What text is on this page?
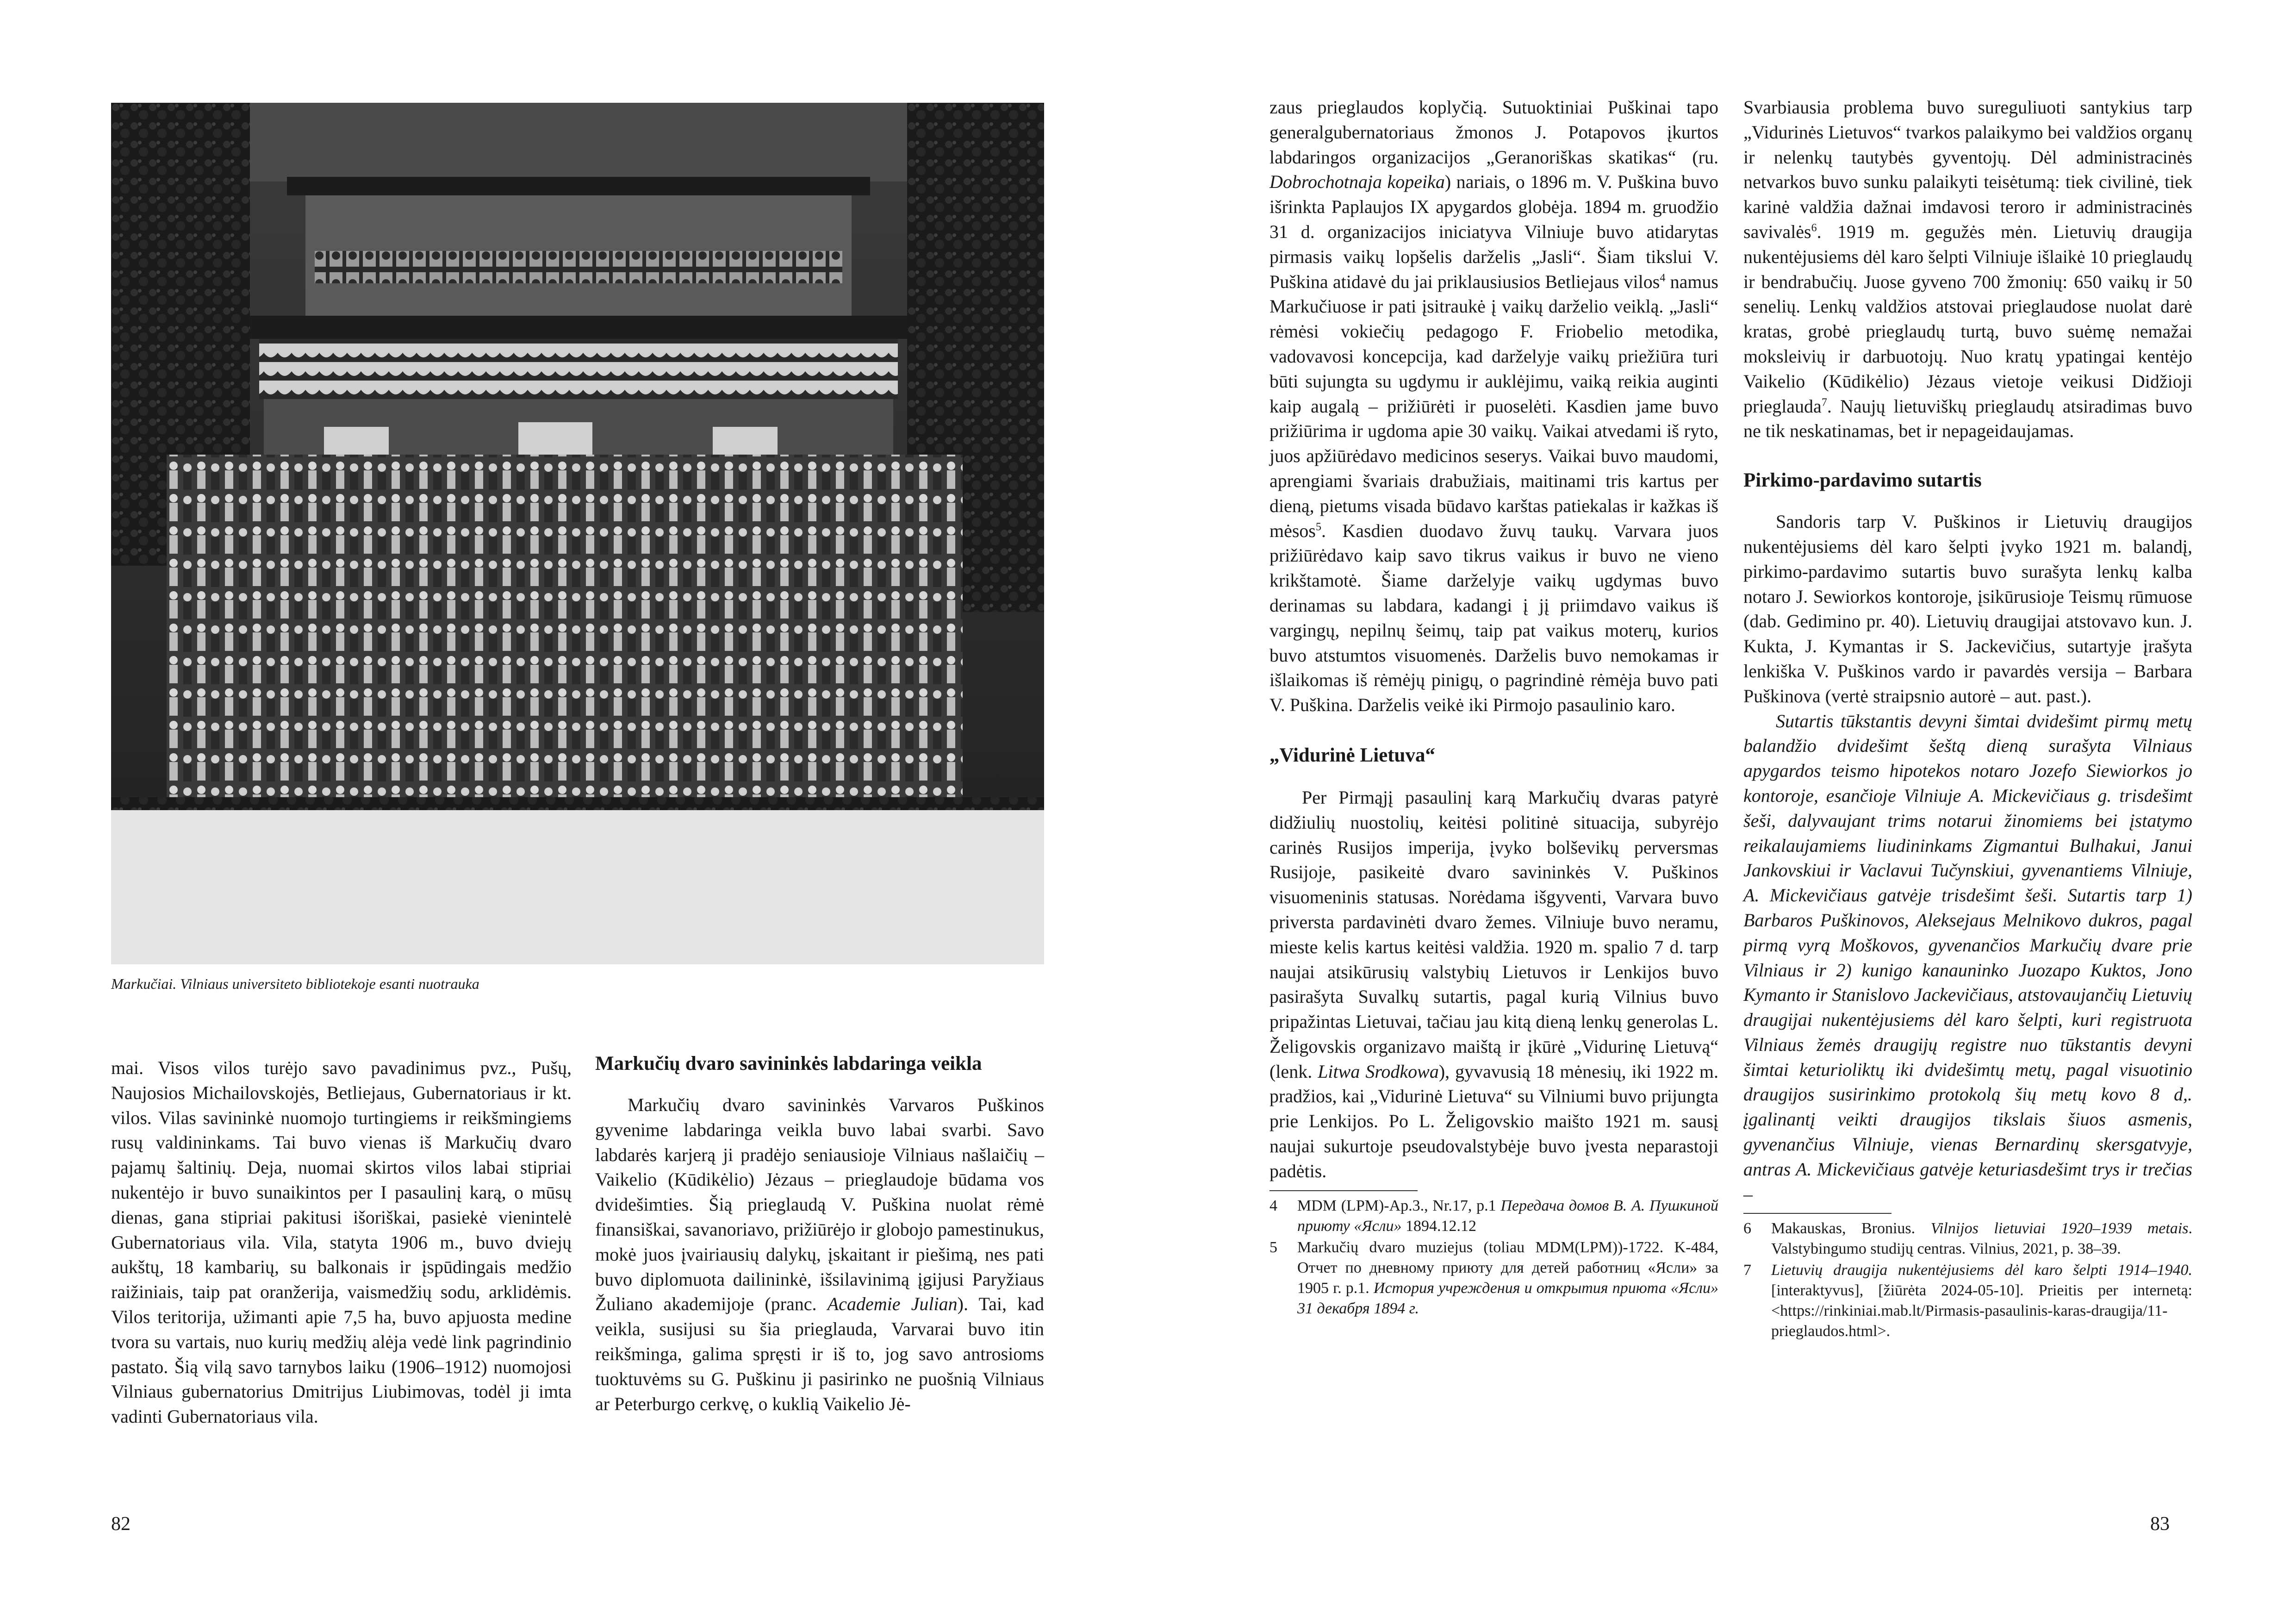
Markučiai. Vilniaus universiteto bibliotekoje esanti nuotrauka

mai. Visos vilos turėjo savo pavadinimus pvz., Pušų, Naujosios Michailovskojės, Betliejaus, Gubernatoriaus ir kt. vilos. Vilas savininkė nuomojo turtingiems ir reikšmingiems rusų valdininkams. Tai buvo vienas iš Markučių dvaro pajamų šaltinių. Deja, nuomai skirtos vilos labai stipriai nukentėjo ir buvo sunaikintos per I pasaulinį karą, o mūsų dienas, gana stipriai pakitusi išoriškai, pasiekė vienintelė Gubernatoriaus vila. Vila, statyta 1906 m., buvo dviejų aukštų, 18 kambarių, su balkonais ir įspūdingais medžio raižiniais, taip pat oranžerija, vaismedžių sodu, arklidėmis. Vilos teritorija, užimanti apie 7,5 ha, buvo apjuosta medine tvora su vartais, nuo kurių medžių alėja vedė link pagrindinio pastato. Šią vilą savo tarnybos laiku (1906–1912) nuomojosi Vilniaus gubernatorius Dmitrijus Liubimovas, todėl ji imta vadinti Gubernatoriaus vila.

Markučių dvaro savininkės labdaringa veikla

Markučių dvaro savininkės Varvaros Puškinos gyvenime labdaringa veikla buvo labai svarbi. Savo labdarės karjerą ji pradėjo seniausioje Vilniaus našlaičių – Vaikelio (Kūdikėlio) Jėzaus – prieglaudoje būdama vos dvidešimties. Šią prieglaudą V. Puškina nuolat rėmė finansiškai, savanoriavo, prižiūrėjo ir globojo pamestinukus, mokė juos įvairiausių dalykų, įskaitant ir piešimą, nes pati buvo diplomuota dailininkė, išsilavinimą įgijusi Paryžiaus Žuliano akademijoje (pranc. Academie Julian). Tai, kad veikla, susijusi su šia prieglauda, Varvarai buvo itin reikšminga, galima spręsti ir iš to, jog savo antrosioms tuoktuvėms su G. Puškinu ji pasirinko ne puošnią Vilniaus ar Peterburgo cerkvę, o kuklią Vaikelio Jė-

82

zaus prieglaudos koplyčią. Sutuoktiniai Puškinai tapo generalgubernatoriaus žmonos J. Potapovos įkurtos labdaringos organizacijos „Geranoriškas skatikas“ (ru. Dobrochotnaja kopeika) nariais, o 1896 m. V. Puškina buvo išrinkta Paplaujos IX apygardos globėja. 1894 m. gruodžio 31 d. organizacijos iniciatyva Vilniuje buvo atidarytas pirmasis vaikų lopšelis darželis „Jasli“. Šiam tikslui V. Puškina atidavė du jai priklausiusios Betliejaus vilos$^4$ namus Markučiuose ir pati įsitraukė į vaikų darželio veiklą. „Jasli“ rėmėsi vokiečių pedagogo F. Friobelio metodika, vadovavosi koncepcija, kad darželyje vaikų priežiūra turi būti sujungta su ugdymu ir auklėjimu, vaiką reikia auginti kaip augalą – prižiūrėti ir puoselėti. Kasdien jame buvo prižiūrima ir ugdoma apie 30 vaikų. Vaikai atvedami iš ryto, juos apžiūrėdavo medicinos seserys. Vaikai buvo maudomi, aprengiami švariais drabužiais, maitinami tris kartus per dieną, pietums visada būdavo karštas patiekalas ir kažkas iš mėsos$^5$. Kasdien duodavo žuvų taukų. Varvara juos prižiūrėdavo kaip savo tikrus vaikus ir buvo ne vieno krikštamotė. Šiame darželyje vaikų ugdymas buvo derinamas su labdara, kadangi į jį priimdavo vaikus iš vargingų, nepilnų šeimų, taip pat vaikus moterų, kurios buvo atstumtos visuomenės. Darželis buvo nemokamas ir išlaikomas iš rėmėjų pinigų, o pagrindinė rėmėja buvo pati V. Puškina. Darželis veikė iki Pirmojo pasaulinio karo.

„Vidurinė Lietuva“

Per Pirmąjį pasaulinį karą Markučių dvaras patyrė didžiulių nuostolių, keitėsi politinė situacija, subyrėjo carinės Rusijos imperija, įvyko bolševikų perversmas Rusijoje, pasikeitė dvaro savininkės V. Puškinos visuomeninis statusas. Norėdama išgyventi, Varvara buvo priversta pardavinėti dvaro žemes. Vilniuje buvo neramu, miestе kelis kartus keitėsi valdžia. 1920 m. spalio 7 d. tarp naujai atsikūrusių valstybių Lietuvos ir Lenkijos buvo pasirašyta Suvalkų sutartis, pagal kurią Vilnius buvo pripažintas Lietuvai, tačiau jau kitą dieną lenkų generolas L. Želigovskis organizavo maištą ir įkūrė „Vidurinę Lietuvą“ (lenk. Litwa Srodkowa), gyvavusią 18 mėnesių, iki 1922 m. pradžios, kai „Vidurinė Lietuva“ su Vilniumi buvo prijungta prie Lenkijos. Po L. Želigovskio maišto 1921 m. sausį naujai sukurtoje pseudovalstybėje buvo įvesta neparastoji padėtis.

4	MDM (LPM)-Ap.3., Nr.17, p.1 Передача домов В. А. Пушкиной приюту «Ясли» 1894.12.12
5	Markučių dvaro muziejus (toliau MDM(LPM))-1722. K-484, Отчет по дневному приюту для детей работниц «Ясли» за 1905 г. р.1. История учреждения и открытия приюта «Ясли» 31 декабря 1894 г.

Svarbiausia problema buvo sureguliuoti santykius tarp „Vidurinės Lietuvos“ tvarkos palaikymo bei valdžios organų ir nelenkų tautybės gyventojų. Dėl administracinės netvarkos buvo sunku palaikyti teisėtumą: tiek civilinė, tiek karinė valdžia dažnai imdavosi teroro ir administracinės savivalės$^6$. 1919 m. gegužės mėn. Lietuvių draugija nukentėjusiems dėl karo šelpti Vilniuje išlaikė 10 prieglaudų ir bendrabučių. Juose gyveno 700 žmonių: 650 vaikų ir 50 senelių. Lenkų valdžios atstovai prieglaudose nuolat darė kratas, grobė prieglaudų turtą, buvo suėmę nemažai moksleivių ir darbuotojų. Nuo kratų ypatingai kentėjo Vaikelio (Kūdikėlio) Jėzaus vietoje veikusi Didžioji prieglauda$^7$. Naujų lietuviškų prieglaudų atsiradimas buvo ne tik neskatinamas, bet ir nepageidaujamas.

Pirkimo-pardavimo sutartis

Sandoris tarp V. Puškinos ir Lietuvių draugijos nukentėjusiems dėl karo šelpti įvyko 1921 m. balandį, pirkimo-pardavimo sutartis buvo surašyta lenkų kalba notaro J. Sewiorkos kontoroje, įsikūrusioje Teismų rūmuose (dab. Gedimino pr. 40). Lietuvių draugijai atstovavo kun. J. Kukta, J. Kymantas ir S. Jackevičius, sutartyje įrašyta lenkiška V. Puškinos vardo ir pavardės versija – Barbara Puškinova (vertė straipsnio autorė – aut. past.).

Sutartis tūkstantis devyni šimtai dvidešimt pirmų metų balandžio dvidešimt šeštą dieną surašyta Vilniaus apygardos teismo hipotekos notaro Jozefo Siewiorkos jo kontoroje, esančioje Vilniuje A. Mickevičiaus g. trisdešimt šeši, dalyvaujant trims notarui žinomiems bei įstatymo reikalaujamiems liudininkams Zigmantui Bulhakui, Janui Jankovskiui ir Vaclavui Tučynskiui, gyvenantiems Vilniuje, A. Mickevičiaus gatvėje trisdešimt šeši. Sutartis tarp 1) Barbaros Puškinovos, Aleksejaus Melnikovo dukros, pagal pirmą vyrą Moškovos, gyvenančios Markučių dvare prie Vilniaus ir 2) kunigo kanauninko Juozapo Kuktos, Jono Kymanto ir Stanislovo Jackevičiaus, atstovaujančių Lietuvių draugijai nukentėjusiems dėl karo šelpti, kuri registruota Vilniaus žemės draugijų registre nuo tūkstantis devyni šimtai keturioliktų iki dvidešimtų metų, pagal visuotinio draugijos susirinkimo protokolą šių metų kovo 8 d,. įgalinantį veikti draugijos tikslais šiuos asmenis, gyvenančius Vilniuje, vienas Bernardinų skersgatvyje, antras A. Mickevičiaus gatvėje keturiasdešimt trys ir trečias –

6	Makauskas, Bronius. Vilnijos lietuviai 1920–1939 metais. Valstybingumo studijų centras. Vilnius, 2021, p. 38–39.
7	Lietuvių draugija nukentėjusiems dėl karo šelpti 1914–1940. [interaktyvus], [žiūrėta 2024-05-10]. Prieitis per internetą: <https://rinkiniai.mab.lt/Pirmasis-pasaulinis-karas-draugija/11-prieglaudos.html>.
83
